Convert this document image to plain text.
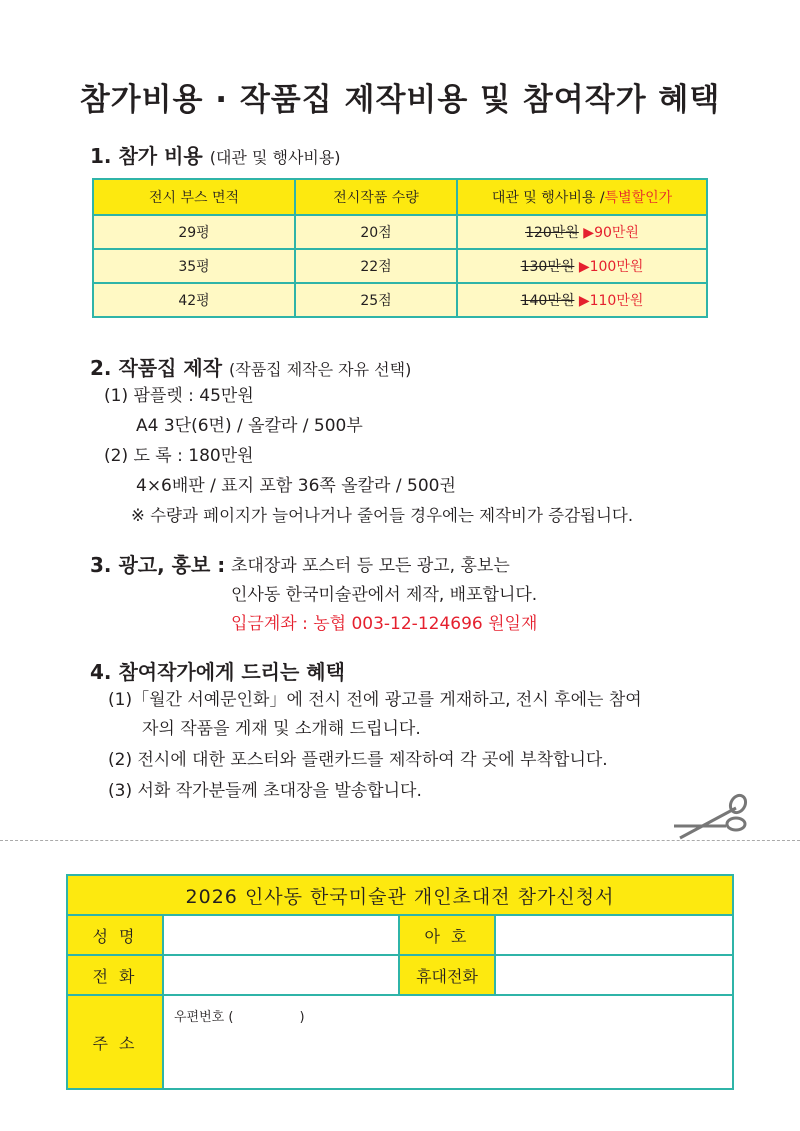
참가비용 · 작품집 제작비용 및 참여작가 혜택
1. 참가 비용 (대관 및 행사비용)
전시 부스 면적	전시작품 수량	대관 및 행사비용 /특별할인가
29평	20점	120만원 ▶90만원
35평	22점	130만원 ▶100만원
42평	25점	140만원 ▶110만원
2. 작품집 제작 (작품집 제작은 자유 선택)
(1) 팜플렛 : 45만원
A4 3단(6면) / 올칼라 / 500부
(2) 도 록 : 180만원
4×6배판 / 표지 포함 36쪽 올칼라 / 500권
※ 수량과 페이지가 늘어나거나 줄어들 경우에는 제작비가 증감됩니다.
3. 광고, 홍보 : 초대장과 포스터 등 모든 광고, 홍보는
인사동 한국미술관에서 제작, 배포합니다.
입금계좌 : 농협 003-12-124696 원일재
4. 참여작가에게 드리는 혜택
(1)「월간 서예문인화」에 전시 전에 광고를 게재하고, 전시 후에는 참여
자의 작품을 게재 및 소개해 드립니다.
(2) 전시에 대한 포스터와 플랜카드를 제작하여 각 곳에 부착합니다.
(3) 서화 작가분들께 초대장을 발송합니다.
2026 인사동 한국미술관 개인초대전 참가신청서			
성 명		아 호	
전 화		휴대전화	
주 소	우편번호 (                )		
